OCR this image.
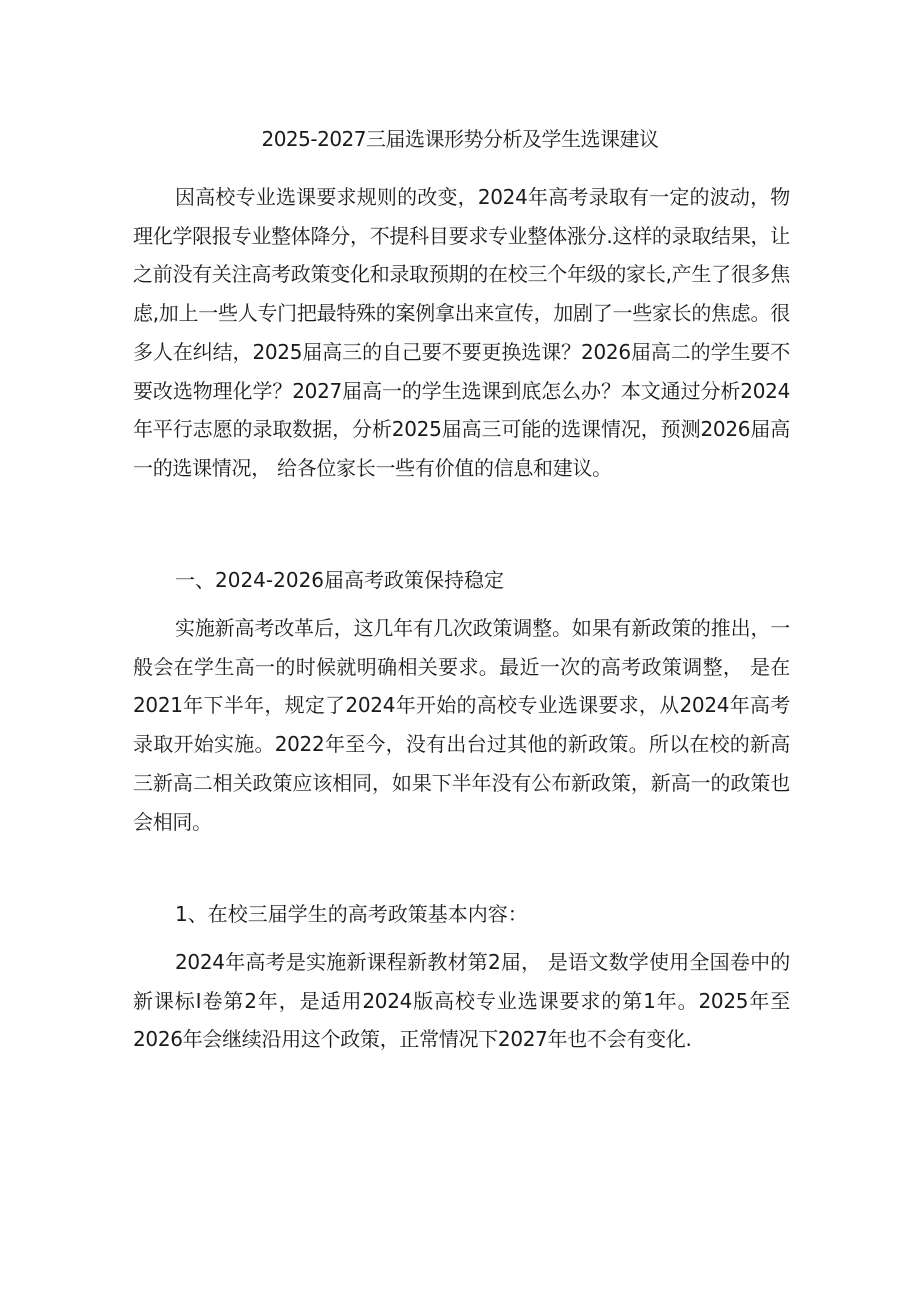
2025-2027三届选课形势分析及学生选课建议

因高校专业选课要求规则的改变，2024年高考录取有一定的波动，物理化学限报专业整体降分，不提科目要求专业整体涨分.这样的录取结果，让之前没有关注高考政策变化和录取预期的在校三个年级的家长,产生了很多焦虑,加上一些人专门把最特殊的案例拿出来宣传，加剧了一些家长的焦虑。很多人在纠结，2025届高三的自己要不要更换选课？2026届高二的学生要不要改选物理化学？2027届高一的学生选课到底怎么办？本文通过分析2024年平行志愿的录取数据，分析2025届高三可能的选课情况，预测2026届高一的选课情况， 给各位家长一些有价值的信息和建议。

一、2024-2026届高考政策保持稳定

实施新高考改革后，这几年有几次政策调整。如果有新政策的推出，一般会在学生高一的时候就明确相关要求。最近一次的高考政策调整， 是在2021年下半年，规定了2024年开始的高校专业选课要求，从2024年高考录取开始实施。2022年至今，没有出台过其他的新政策。所以在校的新高三新高二相关政策应该相同，如果下半年没有公布新政策，新高一的政策也会相同。

1、在校三届学生的高考政策基本内容：

2024年高考是实施新课程新教材第2届， 是语文数学使用全国卷中的新课标I卷第2年，是适用2024版高校专业选课要求的第1年。2025年至2026年会继续沿用这个政策，正常情况下2027年也不会有变化.
